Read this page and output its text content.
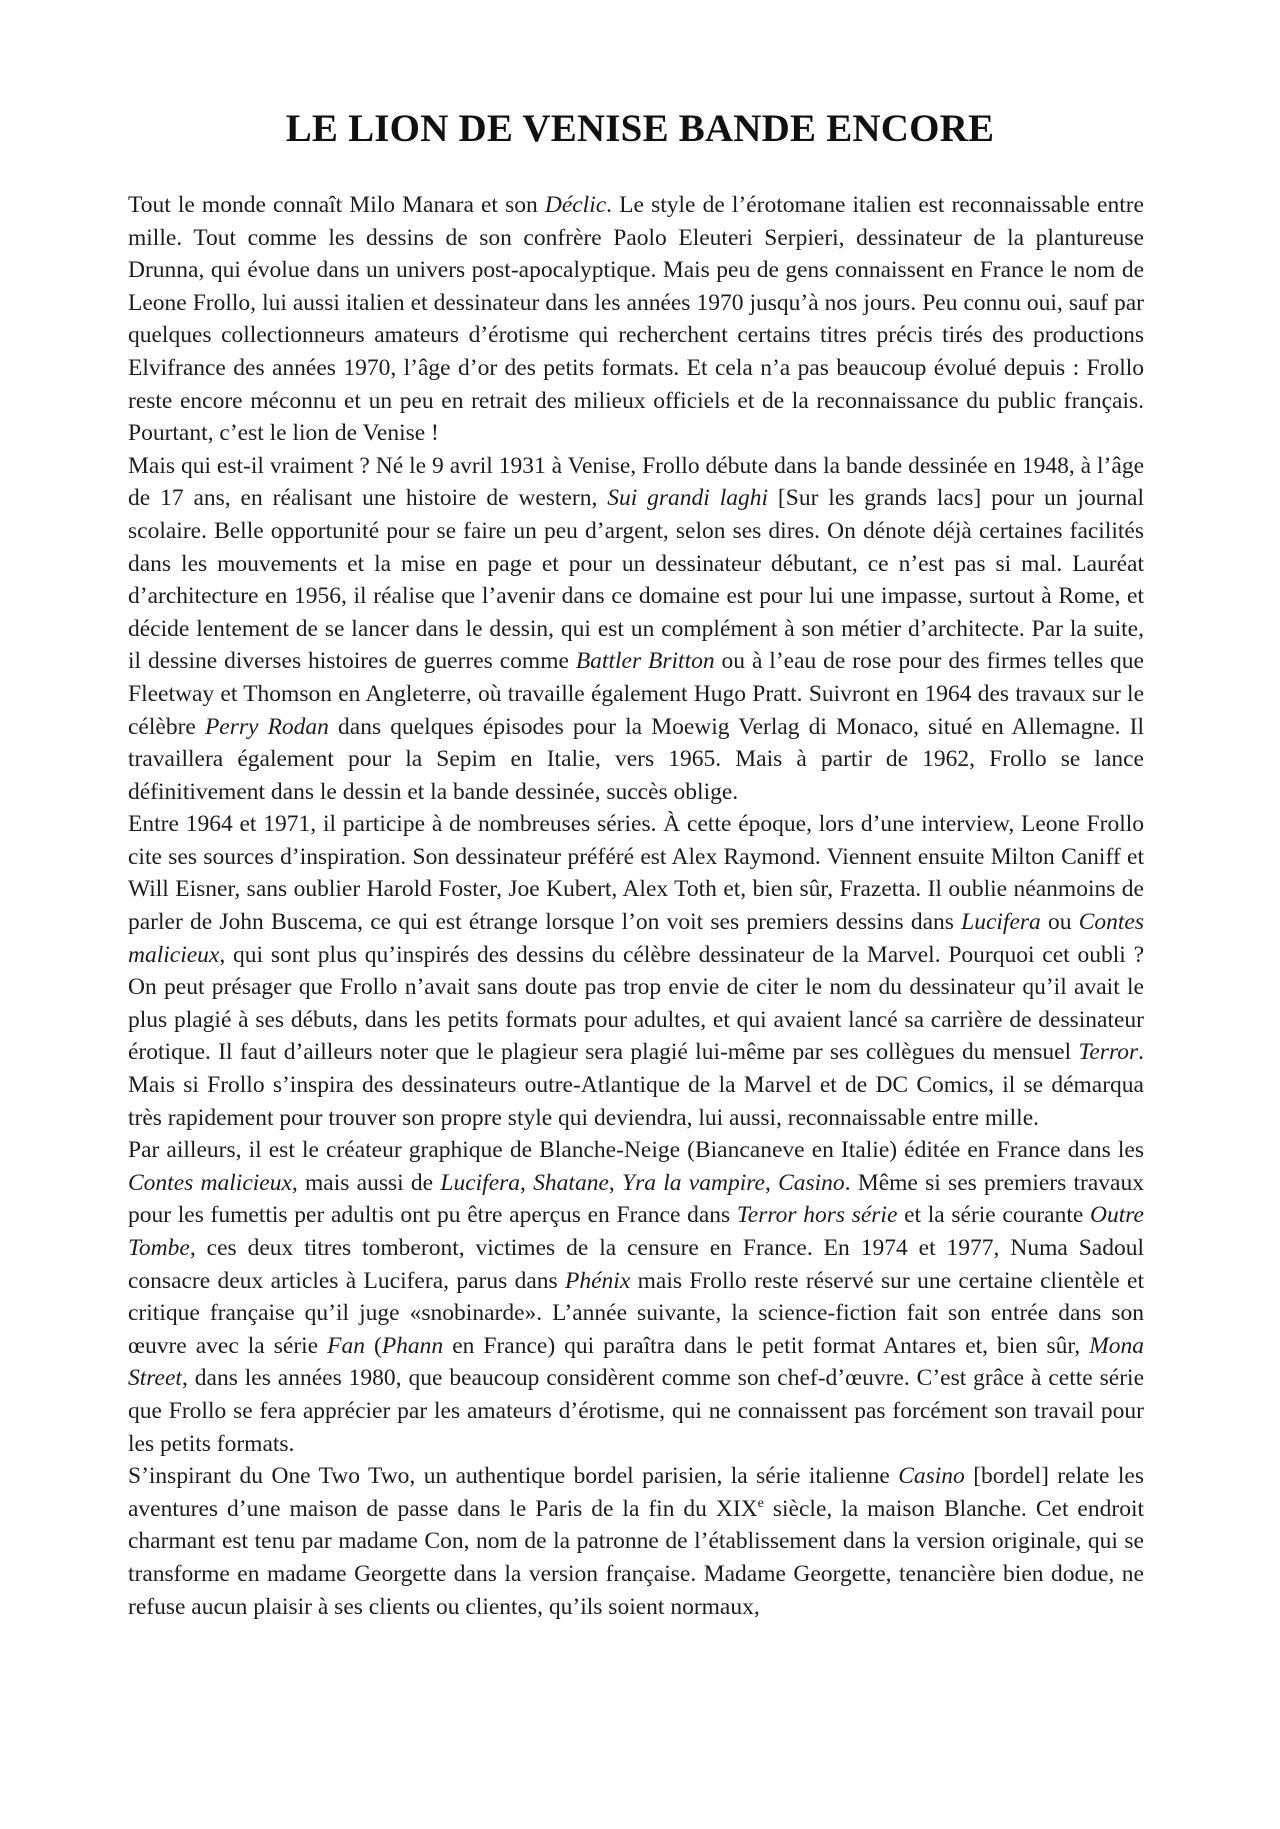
LE LION DE VENISE BANDE ENCORE

Tout le monde connaît Milo Manara et son Déclic. Le style de l’érotomane italien est reconnaissable entre mille. Tout comme les dessins de son confrère Paolo Eleuteri Serpieri, dessinateur de la plantureuse Drunna, qui évolue dans un univers post-apocalyptique. Mais peu de gens connaissent en France le nom de Leone Frollo, lui aussi italien et dessinateur dans les années 1970 jusqu’à nos jours. Peu connu oui, sauf par quelques collectionneurs amateurs d’érotisme qui recherchent certains titres précis tirés des productions Elvifrance des années 1970, l’âge d’or des petits formats. Et cela n’a pas beaucoup évolué depuis : Frollo reste encore méconnu et un peu en retrait des milieux officiels et de la reconnaissance du public français. Pourtant, c’est le lion de Venise !

Mais qui est-il vraiment ? Né le 9 avril 1931 à Venise, Frollo débute dans la bande dessinée en 1948, à l’âge de 17 ans, en réalisant une histoire de western, Sui grandi laghi [Sur les grands lacs] pour un journal scolaire. Belle opportunité pour se faire un peu d’argent, selon ses dires. On dénote déjà certaines facilités dans les mouvements et la mise en page et pour un dessinateur débutant, ce n’est pas si mal. Lauréat d’architecture en 1956, il réalise que l’avenir dans ce domaine est pour lui une impasse, surtout à Rome, et décide lentement de se lancer dans le dessin, qui est un complément à son métier d’architecte. Par la suite, il dessine diverses histoires de guerres comme Battler Britton ou à l’eau de rose pour des firmes telles que Fleetway et Thomson en Angleterre, où travaille également Hugo Pratt. Suivront en 1964 des travaux sur le célèbre Perry Rodan dans quelques épisodes pour la Moewig Verlag di Monaco, situé en Allemagne. Il travaillera également pour la Sepim en Italie, vers 1965. Mais à partir de 1962, Frollo se lance définitivement dans le dessin et la bande dessinée, succès oblige.

Entre 1964 et 1971, il participe à de nombreuses séries. À cette époque, lors d’une interview, Leone Frollo cite ses sources d’inspiration. Son dessinateur préféré est Alex Raymond. Viennent ensuite Milton Caniff et Will Eisner, sans oublier Harold Foster, Joe Kubert, Alex Toth et, bien sûr, Frazetta. Il oublie néanmoins de parler de John Buscema, ce qui est étrange lorsque l’on voit ses premiers dessins dans Lucifera ou Contes malicieux, qui sont plus qu’inspirés des dessins du célèbre dessinateur de la Marvel. Pourquoi cet oubli ? On peut présager que Frollo n’avait sans doute pas trop envie de citer le nom du dessinateur qu’il avait le plus plagié à ses débuts, dans les petits formats pour adultes, et qui avaient lancé sa carrière de dessinateur érotique. Il faut d’ailleurs noter que le plagieur sera plagié lui-même par ses collègues du mensuel Terror. Mais si Frollo s’inspira des dessinateurs outre-Atlantique de la Marvel et de DC Comics, il se démarqua très rapidement pour trouver son propre style qui deviendra, lui aussi, reconnaissable entre mille.

Par ailleurs, il est le créateur graphique de Blanche-Neige (Biancaneve en Italie) éditée en France dans les Contes malicieux, mais aussi de Lucifera, Shatane, Yra la vampire, Casino. Même si ses premiers travaux pour les fumettis per adultis ont pu être aperçus en France dans Terror hors série et la série courante Outre Tombe, ces deux titres tomberont, victimes de la censure en France. En 1974 et 1977, Numa Sadoul consacre deux articles à Lucifera, parus dans Phénix mais Frollo reste réservé sur une certaine clientèle et critique française qu’il juge «snobinarde». L’année suivante, la science-fiction fait son entrée dans son œuvre avec la série Fan (Phann en France) qui paraîtra dans le petit format Antares et, bien sûr, Mona Street, dans les années 1980, que beaucoup considèrent comme son chef-d’œuvre. C’est grâce à cette série que Frollo se fera apprécier par les amateurs d’érotisme, qui ne connaissent pas forcément son travail pour les petits formats.

S’inspirant du One Two Two, un authentique bordel parisien, la série italienne Casino [bordel] relate les aventures d’une maison de passe dans le Paris de la fin du XIXe siècle, la maison Blanche. Cet endroit charmant est tenu par madame Con, nom de la patronne de l’établissement dans la version originale, qui se transforme en madame Georgette dans la version française. Madame Georgette, tenancière bien dodue, ne refuse aucun plaisir à ses clients ou clientes, qu’ils soient normaux,
